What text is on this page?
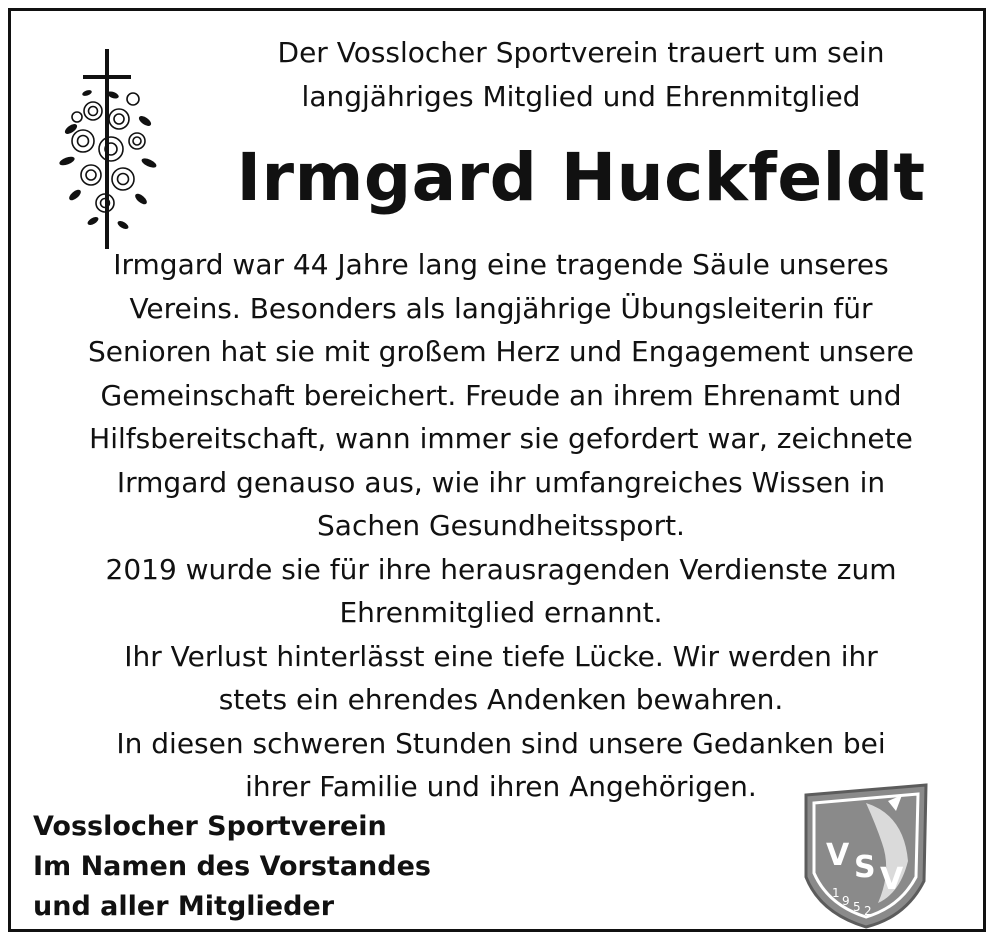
Der Vosslocher Sportverein trauert um sein
langjähriges Mitglied und Ehrenmitglied
Irmgard Huckfeldt

Irmgard war 44 Jahre lang eine tragende Säule unseres
Vereins. Besonders als langjährige Übungsleiterin für
Senioren hat sie mit großem Herz und Engagement unsere
Gemeinschaft bereichert. Freude an ihrem Ehrenamt und
Hilfsbereitschaft, wann immer sie gefordert war, zeichnete
Irmgard genauso aus, wie ihr umfangreiches Wissen in
Sachen Gesundheitssport.

2019 wurde sie für ihre herausragenden Verdienste zum
Ehrenmitglied ernannt.

Ihr Verlust hinterlässt eine tiefe Lücke. Wir werden ihr
stets ein ehrendes Andenken bewahren.

In diesen schweren Stunden sind unsere Gedanken bei
ihrer Familie und ihren Angehörigen.

Vosslocher Sportverein
Im Namen des Vorstandes
und aller Mitglieder
V S V
1
9 5 2
